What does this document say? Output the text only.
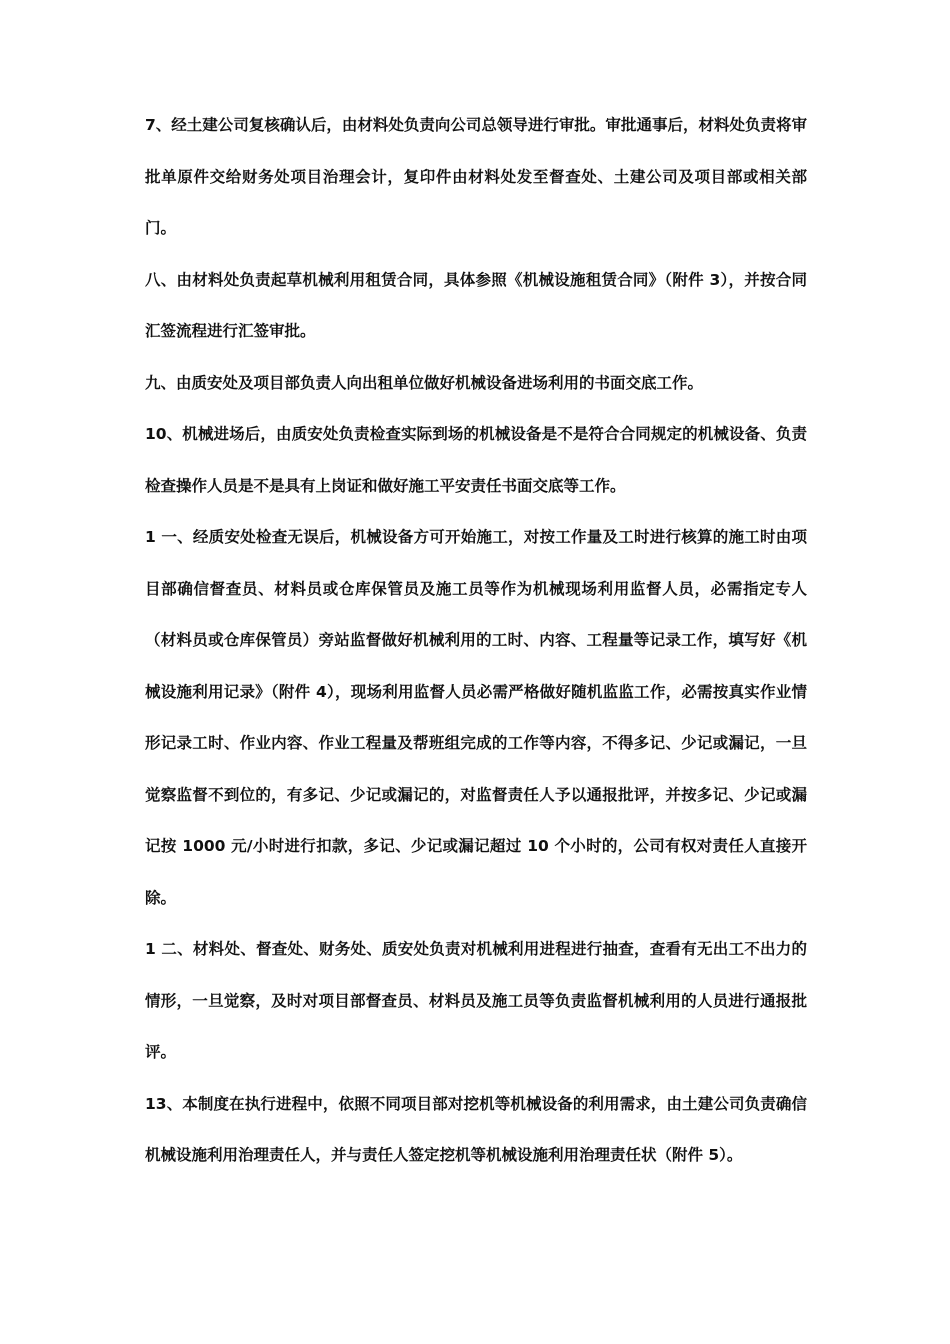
7、经土建公司复核确认后，由材料处负责向公司总领导进行审批。审批通事后，材料处负责将审批单原件交给财务处项目治理会计，复印件由材料处发至督查处、土建公司及项目部或相关部门。

八、由材料处负责起草机械利用租赁合同，具体参照《机械设施租赁合同》（附件 3），并按合同汇签流程进行汇签审批。

九、由质安处及项目部负责人向出租单位做好机械设备进场利用的书面交底工作。

10、机械进场后，由质安处负责检查实际到场的机械设备是不是符合合同规定的机械设备、负责检查操作人员是不是具有上岗证和做好施工平安责任书面交底等工作。

1 一、经质安处检查无误后，机械设备方可开始施工，对按工作量及工时进行核算的施工时由项目部确信督查员、材料员或仓库保管员及施工员等作为机械现场利用监督人员，必需指定专人（材料员或仓库保管员）旁站监督做好机械利用的工时、内容、工程量等记录工作，填写好《机械设施利用记录》（附件 4），现场利用监督人员必需严格做好随机监监工作，必需按真实作业情形记录工时、作业内容、作业工程量及帮班组完成的工作等内容，不得多记、少记或漏记，一旦觉察监督不到位的，有多记、少记或漏记的，对监督责任人予以通报批评，并按多记、少记或漏记按 1000 元/小时进行扣款，多记、少记或漏记超过 10 个小时的，公司有权对责任人直接开除。

1 二、材料处、督查处、财务处、质安处负责对机械利用进程进行抽查，查看有无出工不出力的情形，一旦觉察，及时对项目部督查员、材料员及施工员等负责监督机械利用的人员进行通报批评。

13、本制度在执行进程中，依照不同项目部对挖机等机械设备的利用需求，由土建公司负责确信机械设施利用治理责任人，并与责任人签定挖机等机械设施利用治理责任状（附件 5）。
